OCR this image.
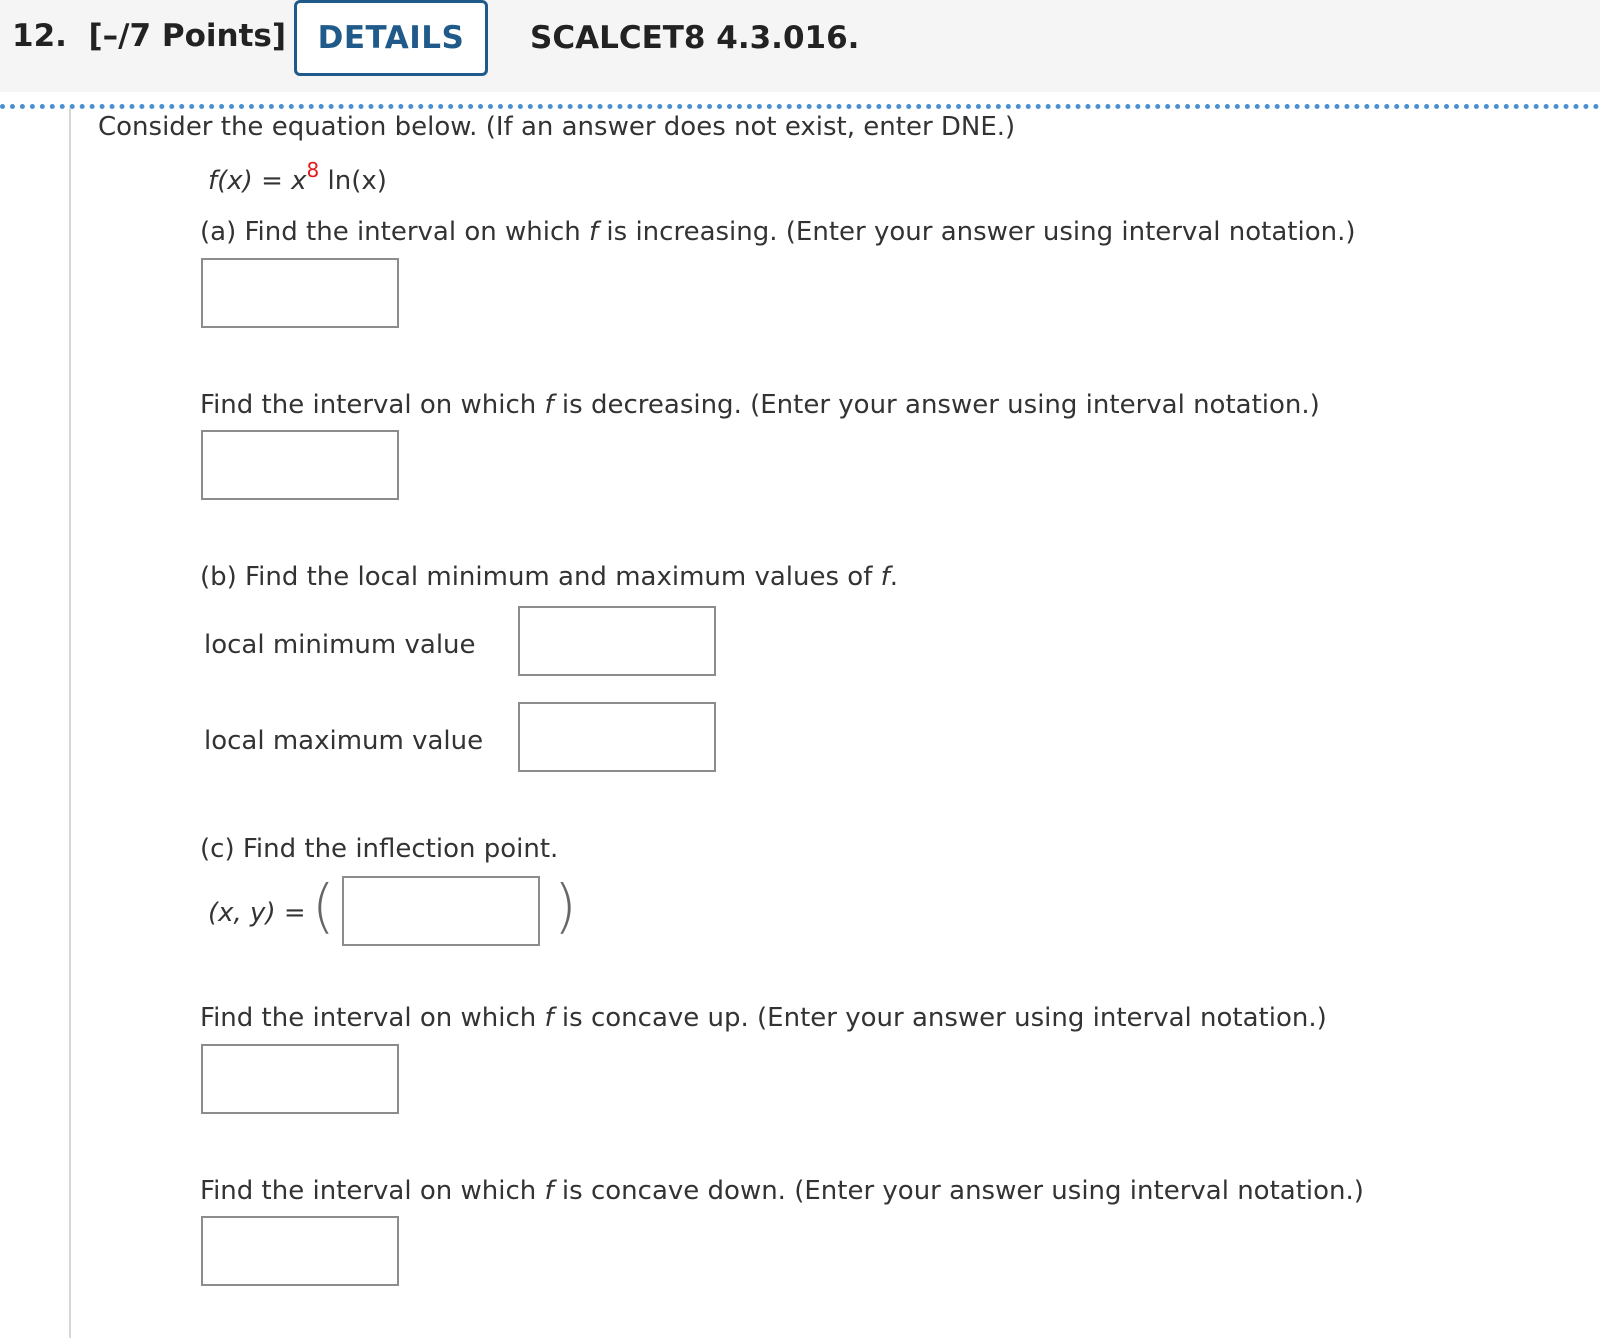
12. [–/7 Points]	DETAILS	SCALCET8 4.3.016.
Consider the equation below. (If an answer does not exist, enter DNE.)
$f(x) = x^8$ ln(x)
(a) Find the interval on which f is increasing. (Enter your answer using interval notation.)
Find the interval on which f is decreasing. (Enter your answer using interval notation.)
(b) Find the local minimum and maximum values of f.
local minimum value
local maximum value
(c) Find the inflection point.
(x, y) = (	)
Find the interval on which f is concave up. (Enter your answer using interval notation.)
Find the interval on which f is concave down. (Enter your answer using interval notation.)
